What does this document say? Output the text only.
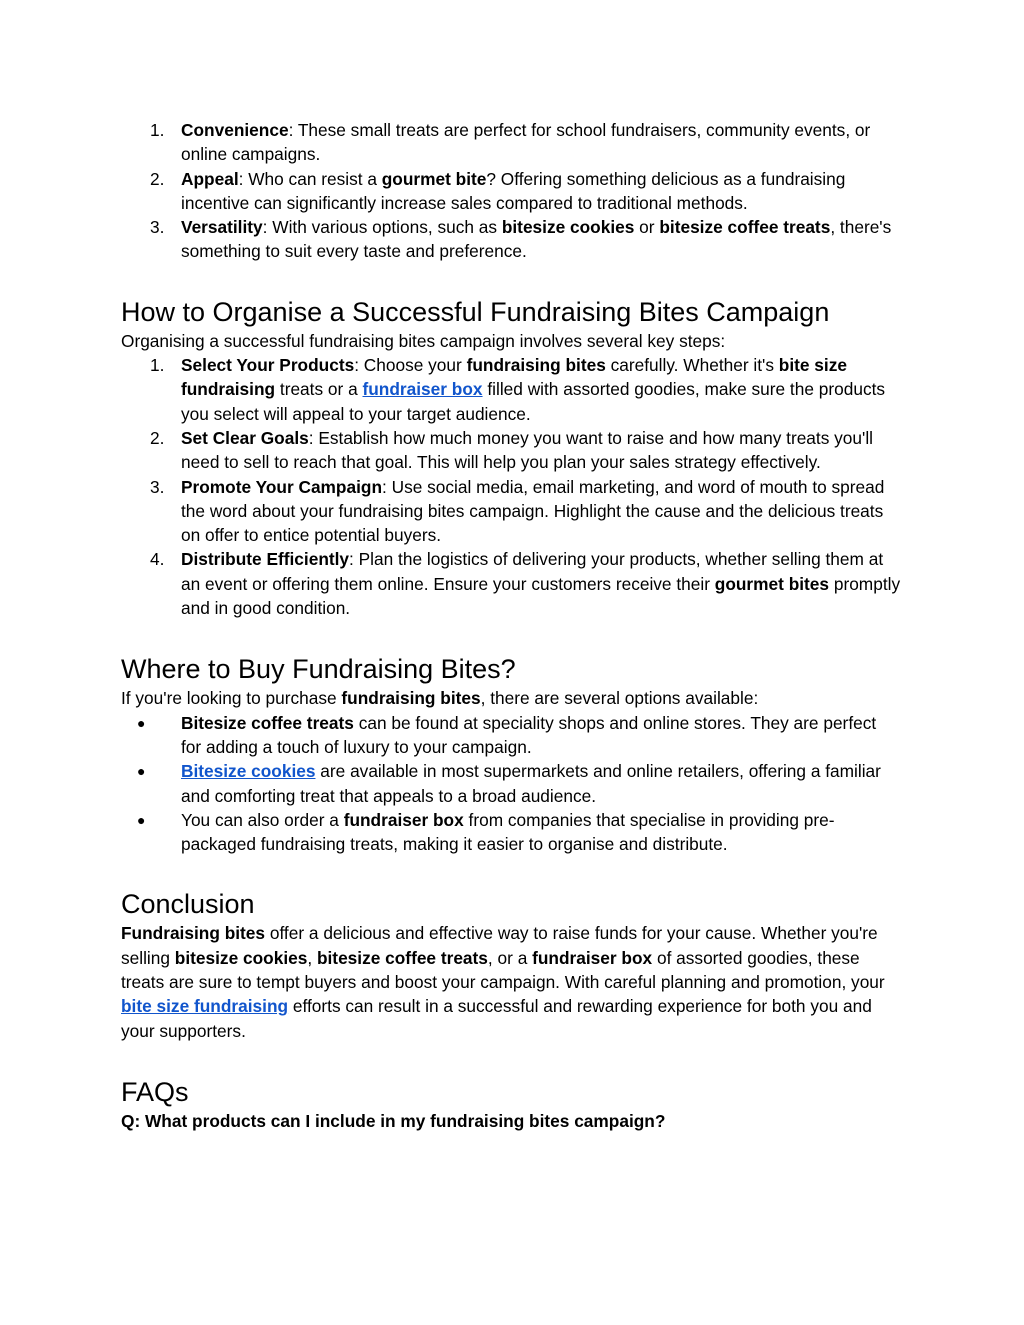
1. Convenience: These small treats are perfect for school fundraisers, community events, or online campaigns.
2. Appeal: Who can resist a gourmet bite? Offering something delicious as a fundraising incentive can significantly increase sales compared to traditional methods.
3. Versatility: With various options, such as bitesize cookies or bitesize coffee treats, there's something to suit every taste and preference.
How to Organise a Successful Fundraising Bites Campaign

Organising a successful fundraising bites campaign involves several key steps:

1. Select Your Products: Choose your fundraising bites carefully. Whether it's bite size fundraising treats or a fundraiser box filled with assorted goodies, make sure the products you select will appeal to your target audience.
2. Set Clear Goals: Establish how much money you want to raise and how many treats you'll need to sell to reach that goal. This will help you plan your sales strategy effectively.
3. Promote Your Campaign: Use social media, email marketing, and word of mouth to spread the word about your fundraising bites campaign. Highlight the cause and the delicious treats on offer to entice potential buyers.
4. Distribute Efficiently: Plan the logistics of delivering your products, whether selling them at an event or offering them online. Ensure your customers receive their gourmet bites promptly and in good condition.
Where to Buy Fundraising Bites?

If you're looking to purchase fundraising bites, there are several options available:

● Bitesize coffee treats can be found at speciality shops and online stores. They are perfect for adding a touch of luxury to your campaign.
● Bitesize cookies are available in most supermarkets and online retailers, offering a familiar and comforting treat that appeals to a broad audience.
● You can also order a fundraiser box from companies that specialise in providing pre-packaged fundraising treats, making it easier to organise and distribute.
Conclusion

Fundraising bites offer a delicious and effective way to raise funds for your cause. Whether you're selling bitesize cookies, bitesize coffee treats, or a fundraiser box of assorted goodies, these treats are sure to tempt buyers and boost your campaign. With careful planning and promotion, your bite size fundraising efforts can result in a successful and rewarding experience for both you and your supporters.

FAQs

Q: What products can I include in my fundraising bites campaign?
